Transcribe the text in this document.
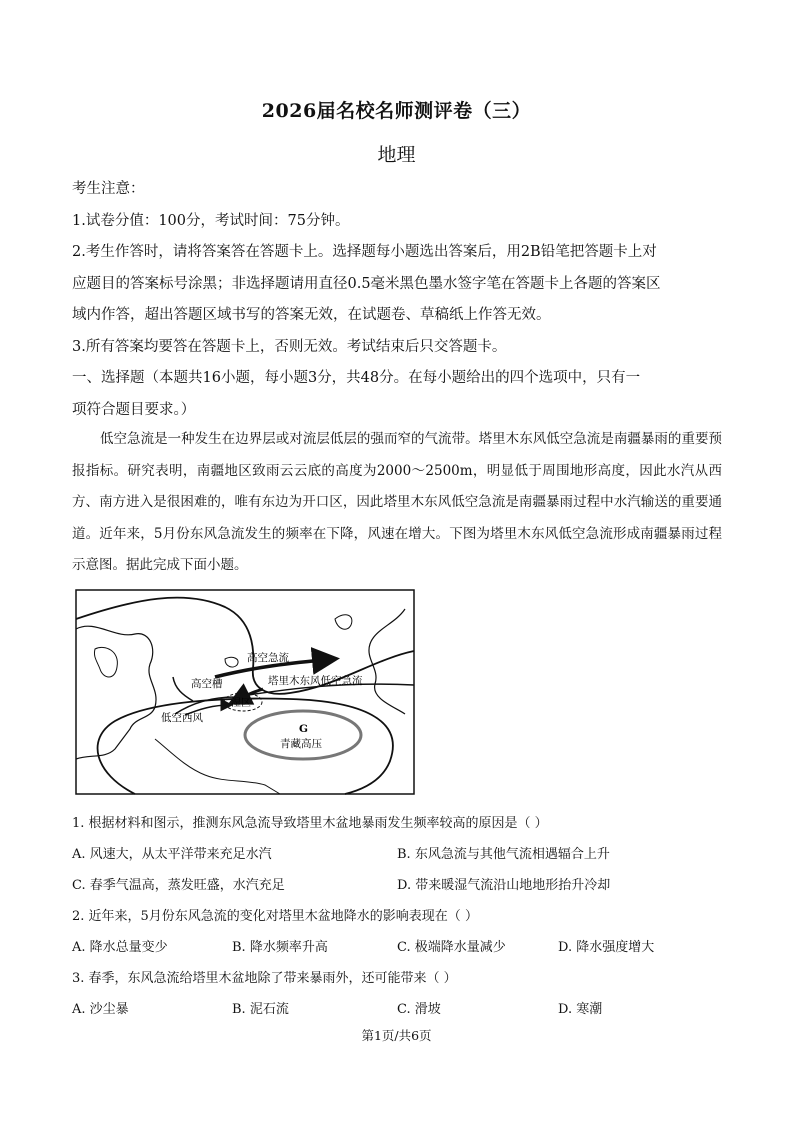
2026届名校名师测评卷（三）
地理

考生注意：

1.试卷分值：100分，考试时间：75分钟。

2.考生作答时，请将答案答在答题卡上。选择题每小题选出答案后，用2B铅笔把答题卡上对

应题目的答案标号涂黑；非选择题请用直径0.5毫米黑色墨水签字笔在答题卡上各题的答案区

域内作答，超出答题区域书写的答案无效，在试题卷、草稿纸上作答无效。

3.所有答案均要答在答题卡上，否则无效。考试结束后只交答题卡。

一、选择题（本题共16小题，每小题3分，共48分。在每小题给出的四个选项中，只有一

项符合题目要求。）

低空急流是一种发生在边界层或对流层低层的强而窄的气流带。塔里木东风低空急流是南疆暴雨的重要预报指标。研究表明，南疆地区致雨云云底的高度为2000～2500m，明显低于周围地形高度，因此水汽从西方、南方进入是很困难的，唯有东边为开口区，因此塔里木东风低空急流是南疆暴雨过程中水汽输送的重要通道。近年来，5月份东风急流发生的频率在下降，风速在增大。下图为塔里木东风低空急流形成南疆暴雨过程示意图。据此完成下面小题。
高空急流
高空槽	塔里木东风低空急流
湿区
低空西风
G
青藏高压
1. 根据材料和图示，推测东风急流导致塔里木盆地暴雨发生频率较高的原因是（ ）
A. 风速大，从太平洋带来充足水汽	B. 东风急流与其他气流相遇辐合上升
C. 春季气温高，蒸发旺盛，水汽充足	D. 带来暖湿气流沿山地地形抬升冷却
2. 近年来，5月份东风急流的变化对塔里木盆地降水的影响表现在（ ）
A. 降水总量变少	B. 降水频率升高	C. 极端降水量减少	D. 降水强度增大
3. 春季，东风急流给塔里木盆地除了带来暴雨外，还可能带来（ ）
A. 沙尘暴	B. 泥石流	C. 滑坡	D. 寒潮
第1页/共6页
